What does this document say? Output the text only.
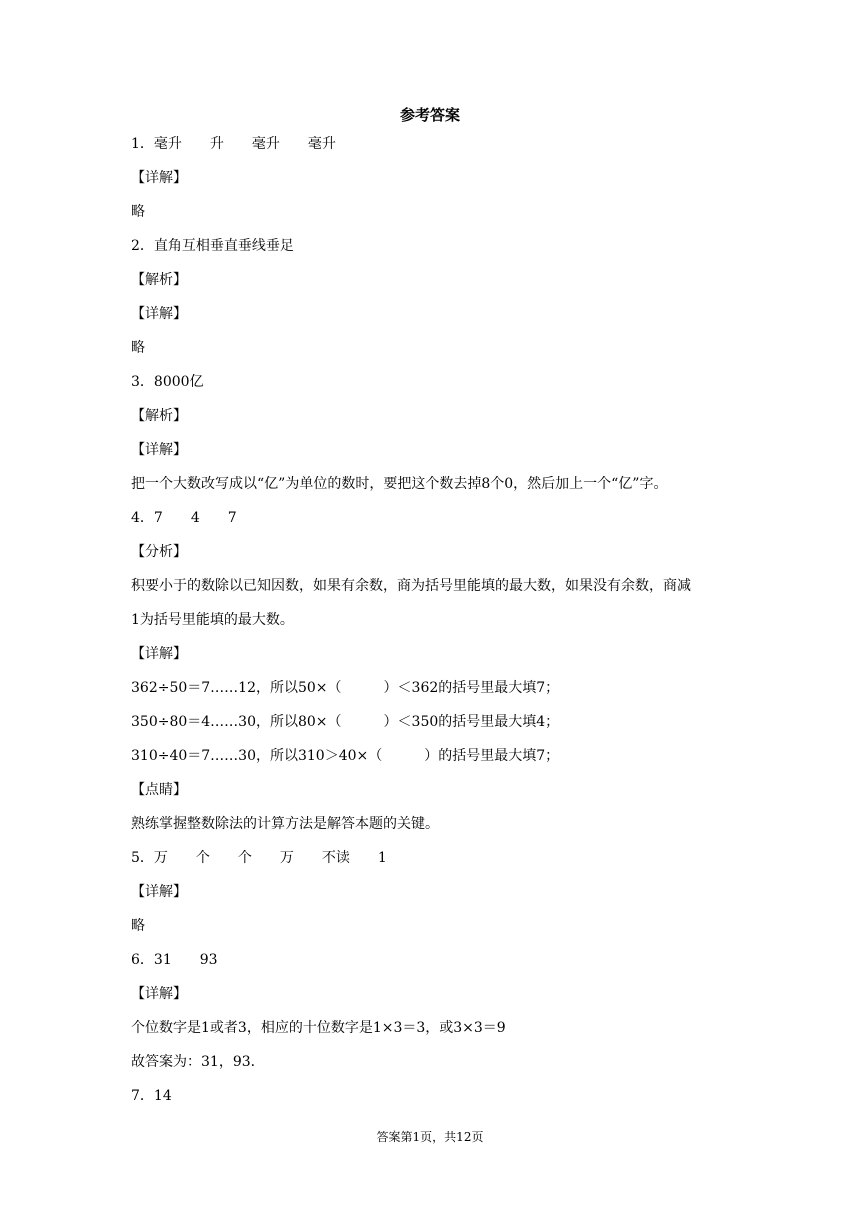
参考答案
1．毫升　　升　　毫升　　毫升
【详解】
略
2．直角互相垂直垂线垂足
【解析】
【详解】
略
3．8000亿
【解析】
【详解】
把一个大数改写成以“亿”为单位的数时，要把这个数去掉8个0，然后加上一个“亿”字。
4．7　　4　　7
【分析】
积要小于的数除以已知因数，如果有余数，商为括号里能填的最大数，如果没有余数，商减
1为括号里能填的最大数。
【详解】
362÷50＝7……12，所以50×（　　　）＜362的括号里最大填7；
350÷80＝4……30，所以80×（　　　）＜350的括号里最大填4；
310÷40＝7……30，所以310＞40×（　　　）的括号里最大填7；
【点睛】
熟练掌握整数除法的计算方法是解答本题的关键。
5．万　　个　　个　　万　　不读　　1
【详解】
略
6．31　　93
【详解】
个位数字是1或者3，相应的十位数字是1×3＝3，或3×3＝9
故答案为：31，93．
7．14
答案第1页，共12页
